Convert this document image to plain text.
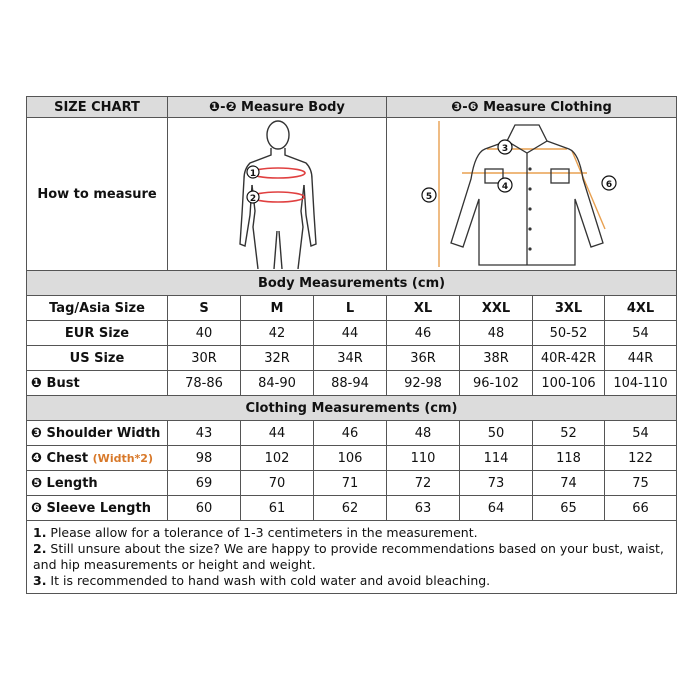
SIZE CHART	❶-❷ Measure Body			❸-❻ Measure Clothing			
How to measure	1
2			3
4
5
6			

Body Measurements (cm)							
Tag/Asia Size	S	M	L	XL	XXL	3XL	4XL
EUR Size	40	42	44	46	48	50-52	54
US Size	30R	32R	34R	36R	38R	40R-42R	44R
❶ Bust	78-86	84-90	88-94	92-98	96-102	100-106	104-110
Clothing Measurements (cm)							
❸ Shoulder Width	43	44	46	48	50	52	54
❹ Chest (Width*2)	98	102	106	110	114	118	122
❺ Length	69	70	71	72	73	74	75
❻ Sleeve Length	60	61	62	63	64	65	66

1. Please allow for a tolerance of 1-3 centimeters in the measurement.
2. Still unsure about the size? We are happy to provide recommendations based on your bust, waist, and hip measurements or height and weight.
3. It is recommended to hand wash with cold water and avoid bleaching.							
